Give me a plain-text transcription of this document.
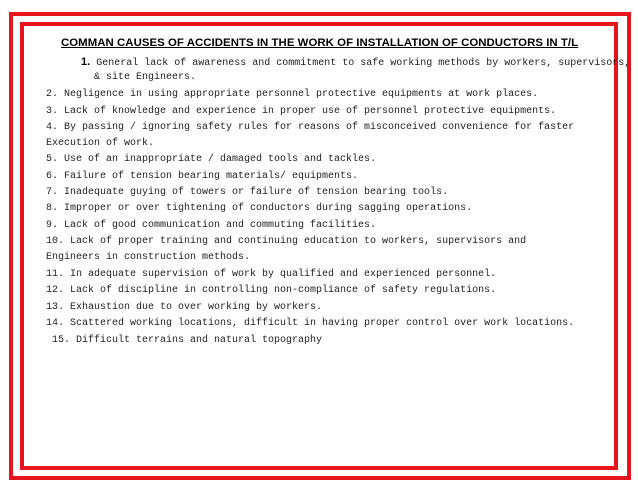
COMMAN CAUSES OF ACCIDENTS IN THE WORK OF INSTALLATION OF CONDUCTORS IN T/L
1. General lack of awareness and commitment to safe working methods by workers, supervisors,
& site Engineers.
2. Negligence in using appropriate personnel protective equipments at work places.
3. Lack of knowledge and experience in proper use of personnel protective equipments.
4. By passing / ignoring safety rules for reasons of misconceived convenience for faster
Execution of work.
5. Use of an inappropriate / damaged tools and tackles.
6. Failure of tension bearing materials/ equipments.
7. Inadequate guying of towers or failure of tension bearing tools.
8. Improper or over tightening of conductors during sagging operations.
9. Lack of good communication and commuting facilities.
10. Lack of proper training and continuing education to workers, supervisors and
Engineers in construction methods.
11. In adequate supervision of work by qualified and experienced personnel.
12. Lack of discipline in controlling non-compliance of safety regulations.
13. Exhaustion due to over working by workers.
14. Scattered working locations, difficult in having proper control over work locations.
15. Difficult terrains and natural topography
